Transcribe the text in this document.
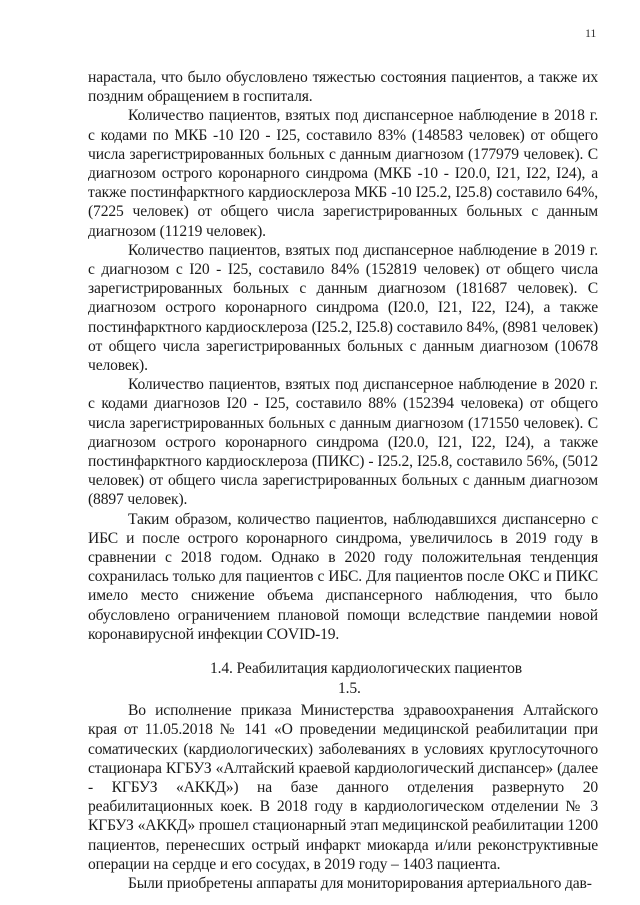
11

нарастала, что было обусловлено тяжестью состояния пациентов, а также их поздним обращением в госпиталя.

Количество пациентов, взятых под диспансерное наблюдение в 2018 г. с кодами по МКБ -10 I20 - I25, составило 83% (148583 человек) от общего числа зарегистрированных больных с данным диагнозом (177979 человек). С диагнозом острого коронарного синдрома (МКБ -10 - I20.0, I21, I22, I24), а также постинфарктного кардиосклероза МКБ -10 I25.2, I25.8) составило 64%, (7225 человек) от общего числа зарегистрированных больных с данным диагнозом (11219 человек).

Количество пациентов, взятых под диспансерное наблюдение в 2019 г. с диагнозом с I20 - I25, составило 84% (152819 человек) от общего числа зарегистрированных больных с данным диагнозом (181687 человек). С диагнозом острого коронарного синдрома (I20.0, I21, I22, I24), а также постинфарктного кардиосклероза (I25.2, I25.8) составило 84%, (8981 человек) от общего числа зарегистрированных больных с данным диагнозом (10678 человек).

Количество пациентов, взятых под диспансерное наблюдение в 2020 г. с кодами диагнозов I20 - I25, составило 88% (152394 человека) от общего числа зарегистрированных больных с данным диагнозом (171550 человек). С диагнозом острого коронарного синдрома (I20.0, I21, I22, I24), а также постинфарктного кардиосклероза (ПИКС) - I25.2, I25.8, составило 56%, (5012 человек) от общего числа зарегистрированных больных с данным диагнозом (8897 человек).

Таким образом, количество пациентов, наблюдавшихся диспансерно с ИБС и после острого коронарного синдрома, увеличилось в 2019 году в сравнении с 2018 годом. Однако в 2020 году положительная тенденция сохранилась только для пациентов с ИБС. Для пациентов после ОКС и ПИКС имело место снижение объема диспансерного наблюдения, что было обусловлено ограничением плановой помощи вследствие пандемии новой коронавирусной инфекции COVID-19.

1.4. Реабилитация кардиологических пациентов
1.5.

Во исполнение приказа Министерства здравоохранения Алтайского края от 11.05.2018 № 141 «О проведении медицинской реабилитации при соматических (кардиологических) заболеваниях в условиях круглосуточного стационара КГБУЗ «Алтайский краевой кардиологический диспансер» (далее - КГБУЗ «АККД») на базе данного отделения развернуто 20 реабилитационных коек. В 2018 году в кардиологическом отделении № 3 КГБУЗ «АККД» прошел стационарный этап медицинской реабилитации 1200 пациентов, перенесших острый инфаркт миокарда и/или реконструктивные операции на сердце и его сосудах, в 2019 году – 1403 пациента.

Были приобретены аппараты для мониторирования артериального дав-
